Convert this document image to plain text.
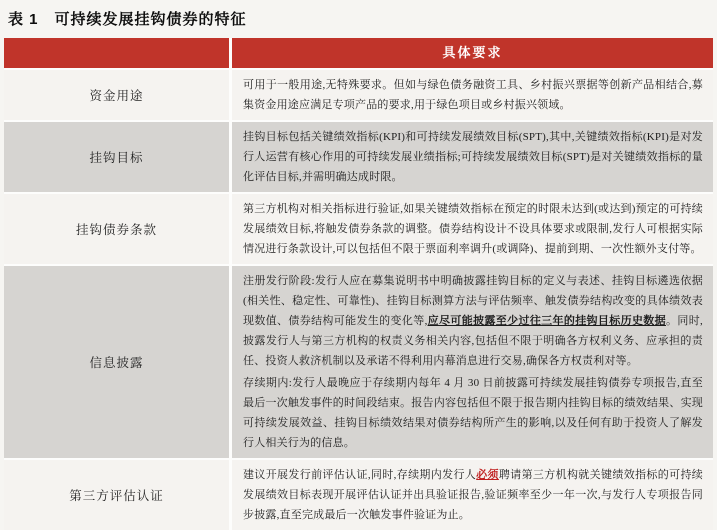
表 1　可持续发展挂钩债券的特征
具体要求
资金用途

可用于一般用途,无特殊要求。但如与绿色债务融资工具、乡村振兴票据等创新产品相结合,募集资金用途应满足专项产品的要求,用于绿色项目或乡村振兴领域。

挂钩目标

挂钩目标包括关键绩效指标(KPI)和可持续发展绩效目标(SPT),其中,关键绩效指标(KPI)是对发行人运营有核心作用的可持续发展业绩指标;可持续发展绩效目标(SPT)是对关键绩效指标的量化评估目标,并需明确达成时限。

挂钩债券条款

第三方机构对相关指标进行验证,如果关键绩效指标在预定的时限未达到(或达到)预定的可持续发展绩效目标,将触发债券条款的调整。债券结构设计不设具体要求或限制,发行人可根据实际情况进行条款设计,可以包括但不限于票面利率调升(或调降)、提前到期、一次性额外支付等。

信息披露

注册发行阶段:发行人应在募集说明书中明确披露挂钩目标的定义与表述、挂钩目标遴选依据(相关性、稳定性、可靠性)、挂钩目标测算方法与评估频率、触发债券结构改变的具体绩效表现数值、债券结构可能发生的变化等,应尽可能披露至少过往三年的挂钩目标历史数据。同时,披露发行人与第三方机构的权责义务相关内容,包括但不限于明确各方权利义务、应承担的责任、投资人救济机制以及承诺不得利用内幕消息进行交易,确保各方权责利对等。

存续期内:发行人最晚应于存续期内每年 4 月 30 日前披露可持续发展挂钩债券专项报告,直至最后一次触发事件的时间段结束。报告内容包括但不限于报告期内挂钩目标的绩效结果、实现可持续发展效益、挂钩目标绩效结果对债券结构所产生的影响,以及任何有助于投资人了解发行人相关行为的信息。

第三方评估认证

建议开展发行前评估认证,同时,存续期内发行人必须聘请第三方机构就关键绩效指标的可持续发展绩效目标表现开展评估认证并出具验证报告,验证频率至少一年一次,与发行人专项报告同步披露,直至完成最后一次触发事件验证为止。
